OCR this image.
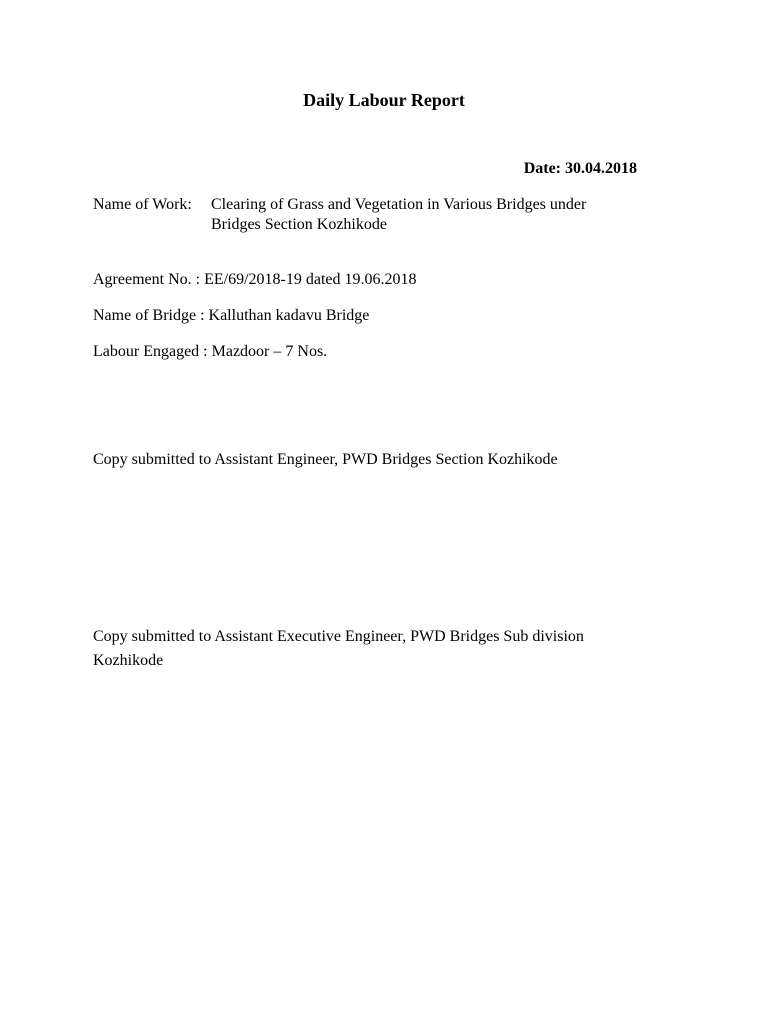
Daily Labour Report
Date: 30.04.2018
Name of Work: Clearing of Grass and Vegetation in Various Bridges under
Bridges Section Kozhikode
Agreement No. : EE/69/2018-19 dated 19.06.2018
Name of Bridge : Kalluthan kadavu Bridge
Labour Engaged : Mazdoor – 7 Nos.
Copy submitted to Assistant Engineer, PWD Bridges Section Kozhikode
Copy submitted to Assistant Executive Engineer, PWD Bridges Sub division
Kozhikode
